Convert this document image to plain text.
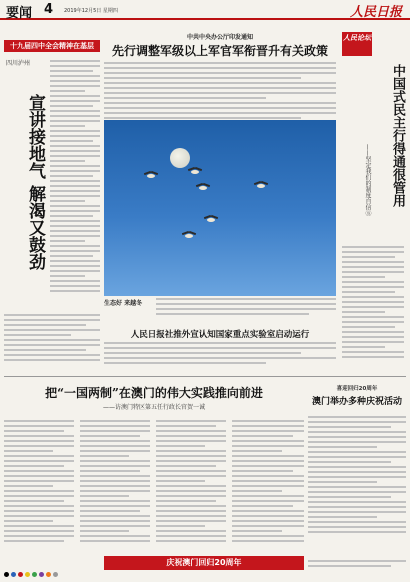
要闻 4 2019年12月5日 星期四	人民日报
十九届四中全会精神在基层
四川泸州
宣讲接地气 解渴又鼓劲
中共中央办公厅印发通知
先行调整军级以上军官军衔晋升有关政策
生态好 来越冬
人民日报社推外宣认知国家重点实验室启动运行
人民论坛
中国式民主行得通很管用
——坚定我们的制度自信⑧
把“一国两制”在澳门的伟大实践推向前进
——访澳门特区第五任行政长官贺一诚
喜迎回归20周年
澳门举办多种庆祝活动
庆祝澳门回归20周年
